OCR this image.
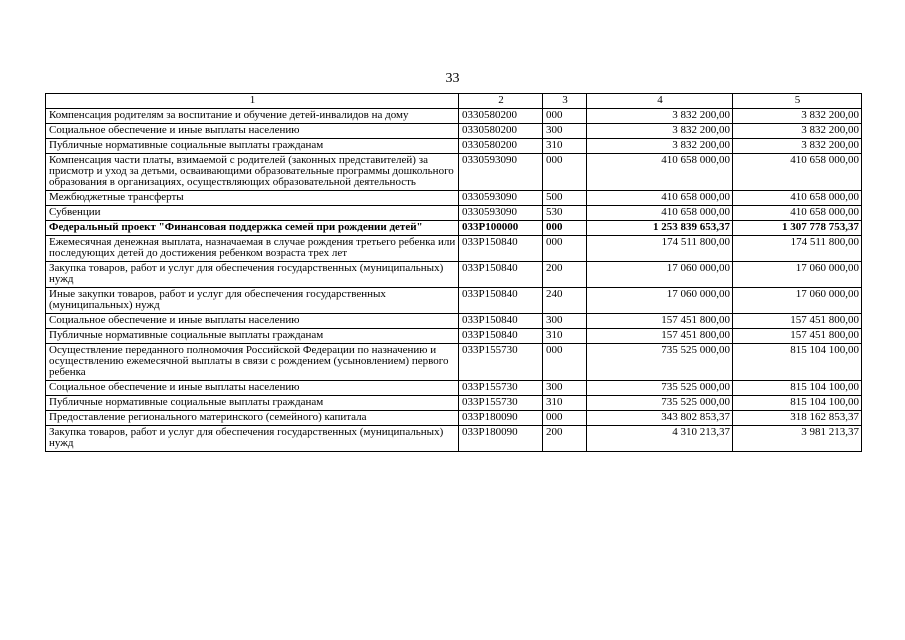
33
1	2	3	4	5
Компенсация родителям за воспитание и обучение детей-инвалидов на дому	0330580200	000	3 832 200,00	3 832 200,00
Социальное обеспечение и иные выплаты населению	0330580200	300	3 832 200,00	3 832 200,00
Публичные нормативные социальные выплаты гражданам	0330580200	310	3 832 200,00	3 832 200,00
Компенсация части платы, взимаемой с родителей (законных представителей) за присмотр и уход за детьми, осваивающими образовательные программы дошкольного образования в организациях, осуществляющих образовательной деятельность	0330593090	000	410 658 000,00	410 658 000,00
Межбюджетные трансферты	0330593090	500	410 658 000,00	410 658 000,00
Субвенции	0330593090	530	410 658 000,00	410 658 000,00
Федеральный проект "Финансовая поддержка семей при рождении детей"	033P100000	000	1 253 839 653,37	1 307 778 753,37
Ежемесячная денежная выплата, назначаемая в случае рождения третьего ребенка или последующих детей до достижения ребенком возраста трех лет	033P150840	000	174 511 800,00	174 511 800,00
Закупка товаров, работ и услуг для обеспечения государственных (муниципальных) нужд	033P150840	200	17 060 000,00	17 060 000,00
Иные закупки товаров, работ и услуг для обеспечения государственных (муниципальных) нужд	033P150840	240	17 060 000,00	17 060 000,00
Социальное обеспечение и иные выплаты населению	033P150840	300	157 451 800,00	157 451 800,00
Публичные нормативные социальные выплаты гражданам	033P150840	310	157 451 800,00	157 451 800,00
Осуществление переданного полномочия Российской Федерации по назначению и осуществлению ежемесячной выплаты в связи с рождением (усыновлением) первого ребенка	033P155730	000	735 525 000,00	815 104 100,00
Социальное обеспечение и иные выплаты населению	033P155730	300	735 525 000,00	815 104 100,00
Публичные нормативные социальные выплаты гражданам	033P155730	310	735 525 000,00	815 104 100,00
Предоставление регионального материнского (семейного) капитала	033P180090	000	343 802 853,37	318 162 853,37
Закупка товаров, работ и услуг для обеспечения государственных (муниципальных) нужд	033P180090	200	4 310 213,37	3 981 213,37
